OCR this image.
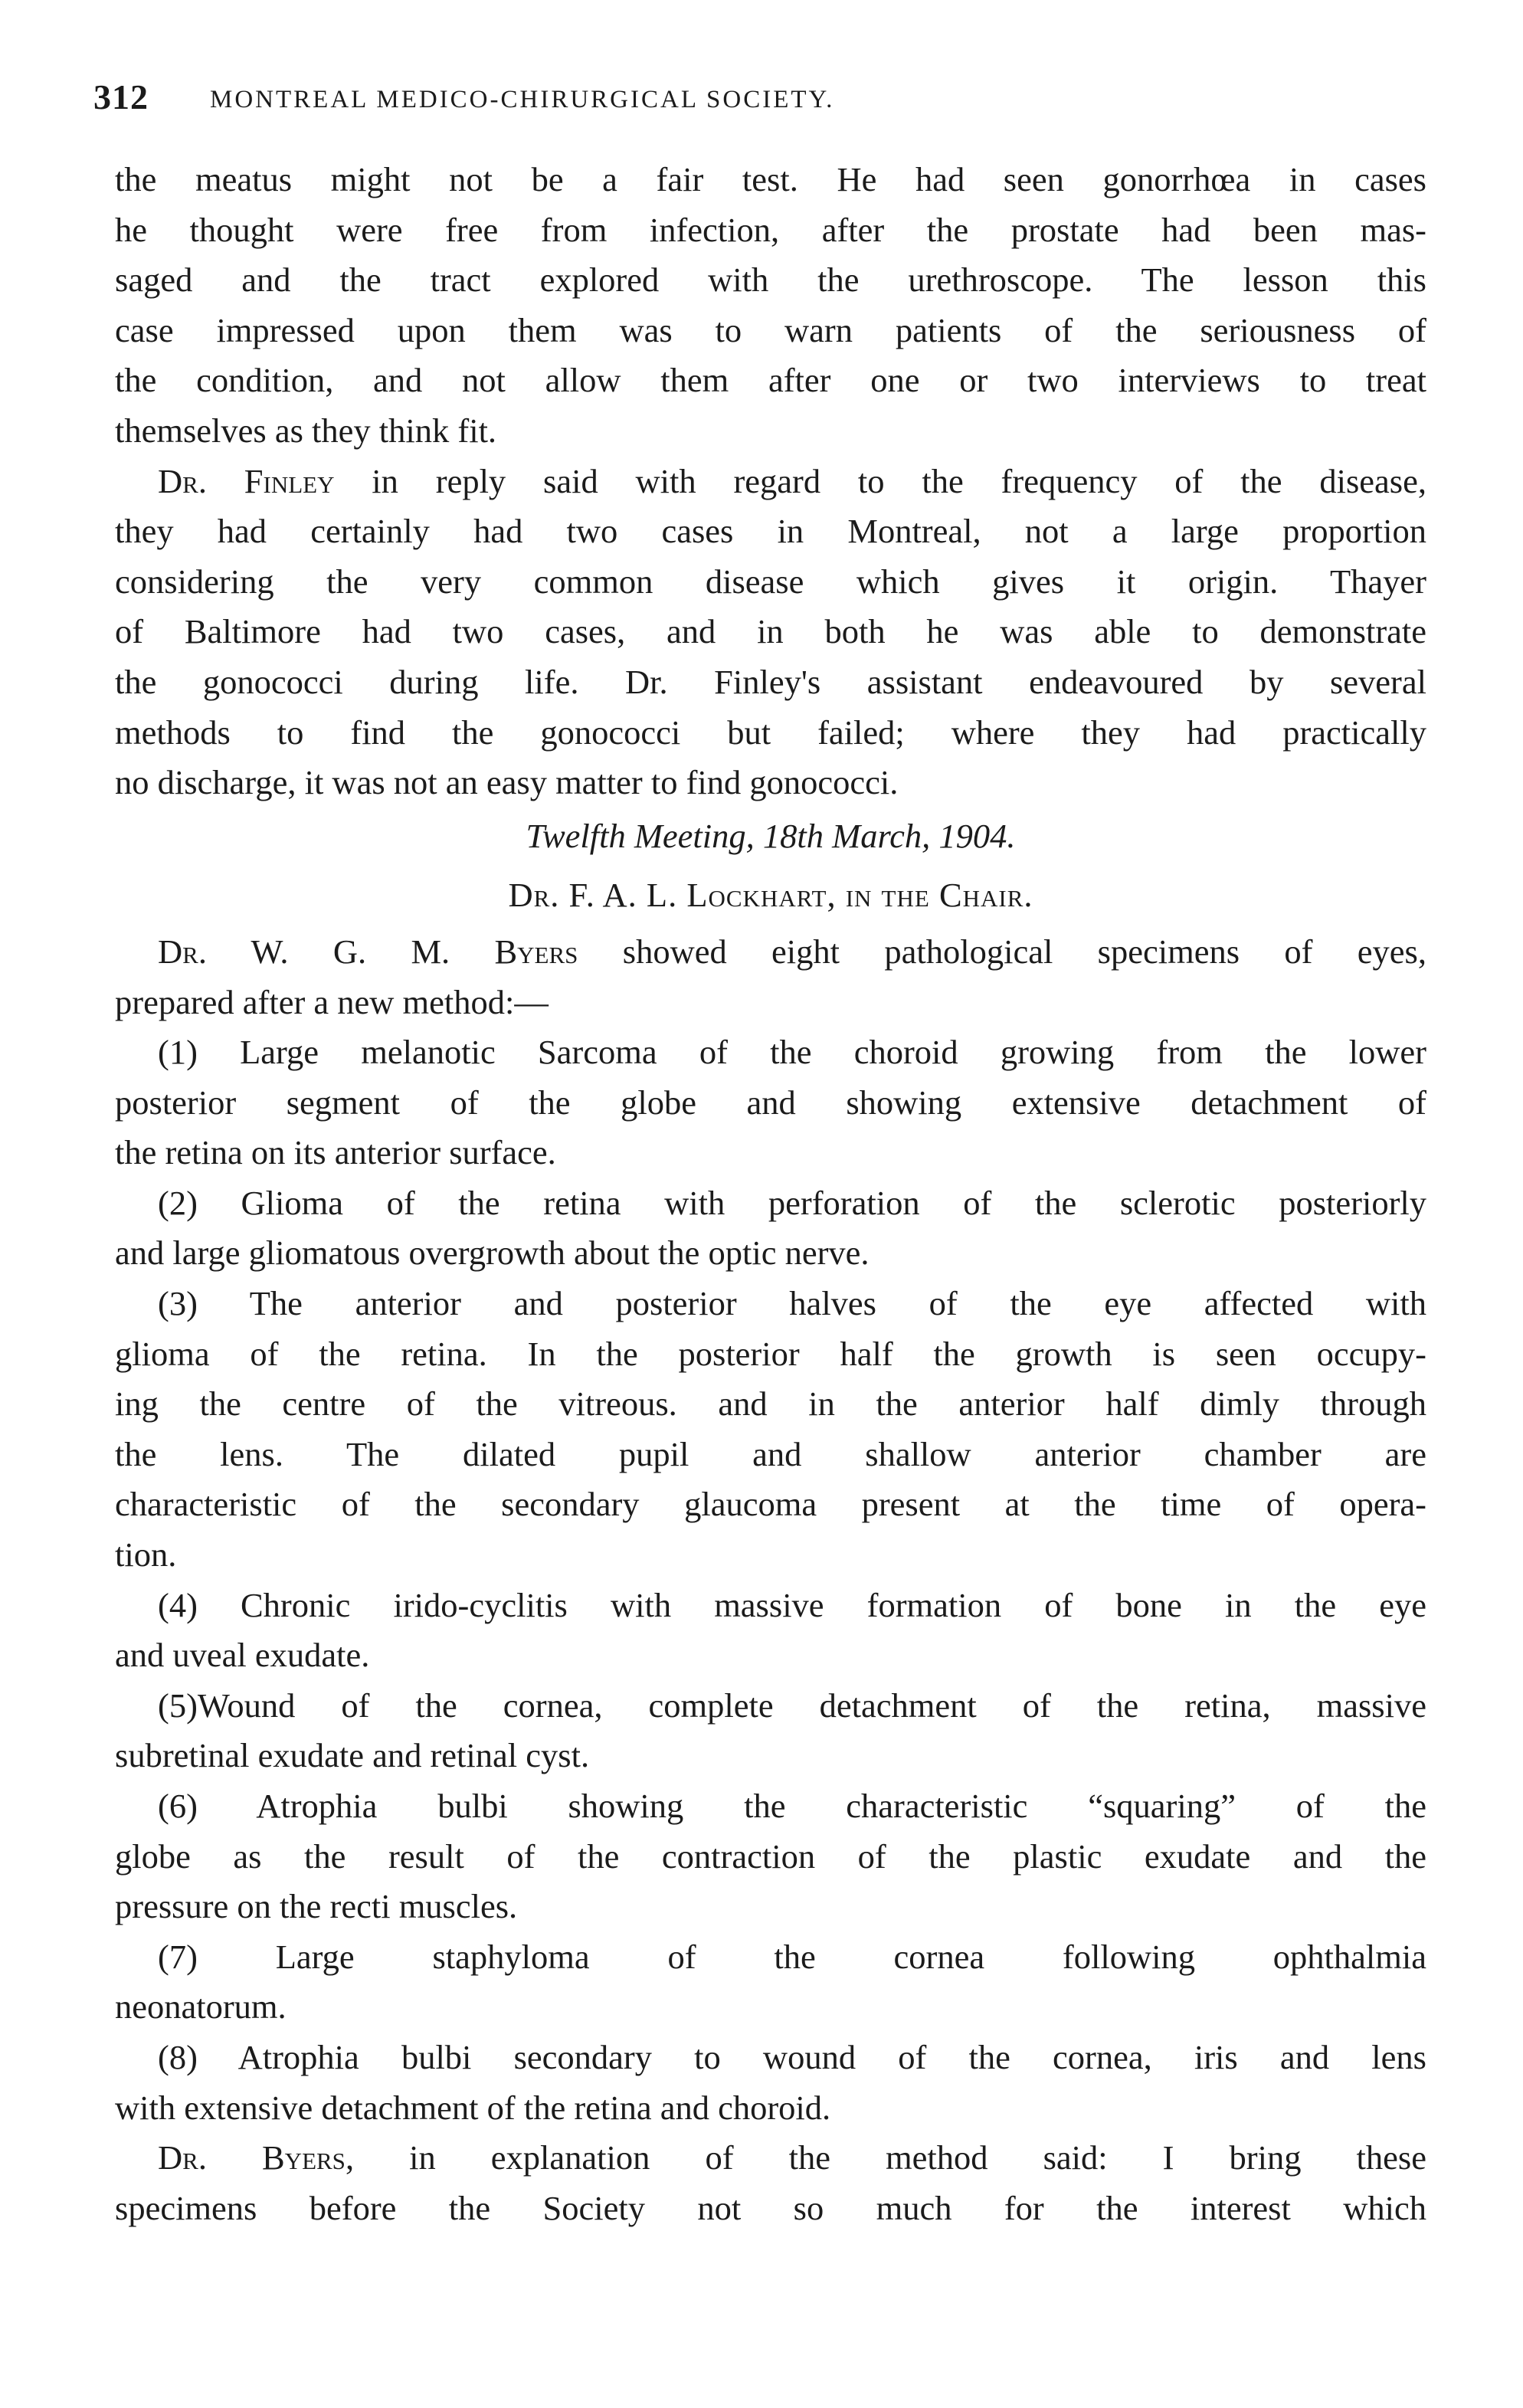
312 MONTREAL MEDICO-CHIRURGICAL SOCIETY.

the meatus might not be a fair test. He had seen gonorrhœa in cases
he thought were free from infection, after the prostate had been mas-
saged and the tract explored with the urethroscope. The lesson this
case impressed upon them was to warn patients of the seriousness of
the condition, and not allow them after one or two interviews to treat
themselves as they think fit.

Dr. Finley in reply said with regard to the frequency of the disease,
they had certainly had two cases in Montreal, not a large proportion
considering the very common disease which gives it origin. Thayer
of Baltimore had two cases, and in both he was able to demonstrate
the gonococci during life. Dr. Finley's assistant endeavoured by several
methods to find the gonococci but failed; where they had practically
no discharge, it was not an easy matter to find gonococci.

Twelfth Meeting, 18th March, 1904.

Dr. F. A. L. Lockhart, in the Chair.

Dr. W. G. M. Byers showed eight pathological specimens of eyes,
prepared after a new method:—

(1) Large melanotic Sarcoma of the choroid growing from the lower
posterior segment of the globe and showing extensive detachment of
the retina on its anterior surface.

(2) Glioma of the retina with perforation of the sclerotic posteriorly
and large gliomatous overgrowth about the optic nerve.

(3) The anterior and posterior halves of the eye affected with
glioma of the retina. In the posterior half the growth is seen occupy-
ing the centre of the vitreous. and in the anterior half dimly through
the lens. The dilated pupil and shallow anterior chamber are
characteristic of the secondary glaucoma present at the time of opera-
tion.

(4) Chronic irido-cyclitis with massive formation of bone in the eye
and uveal exudate.

(5)Wound of the cornea, complete detachment of the retina, massive
subretinal exudate and retinal cyst.

(6) Atrophia bulbi showing the characteristic “squaring” of the
globe as the result of the contraction of the plastic exudate and the
pressure on the recti muscles.

(7) Large staphyloma of the cornea following ophthalmia
neonatorum.

(8) Atrophia bulbi secondary to wound of the cornea, iris and lens
with extensive detachment of the retina and choroid.

Dr. Byers, in explanation of the method said: I bring these
specimens before the Society not so much for the interest which
